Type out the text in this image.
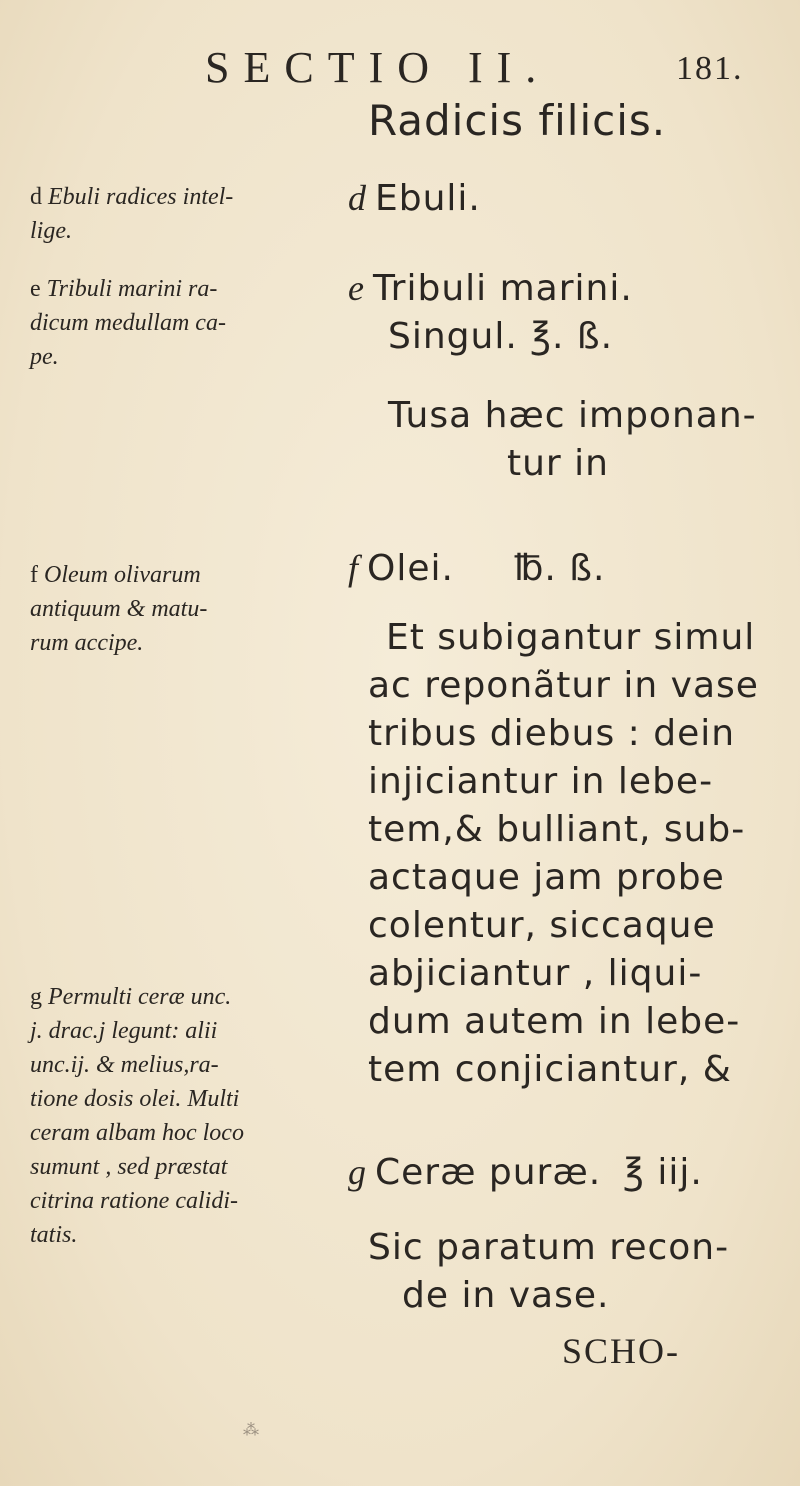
SECTIO II.	181.
Radicis filicis.
d Ebuli radices intel-
lige.
e Tribuli marini ra-
dicum medullam ca-
pe.
f Oleum olivarum
antiquum & matu-
rum accipe.
g Permulti ceræ unc.
j. drac.j legunt: alii
unc.ij. & melius,ra-
tione dosis olei. Multi
ceram albam hoc loco
sumunt , sed præstat
citrina ratione calidi-
tatis.
d Ebuli.
e Tribuli marini.
Singul. ℥. ß.
Tusa hæc imponan-
tur in
f Olei. ℔. ß.
Et subigantur simul
ac reponãtur in vase
tribus diebus : dein
injiciantur in lebe-
tem,& bulliant, sub-
actaque jam probe
colentur, siccaque
abjiciantur , liqui-
dum autem in lebe-
tem conjiciantur, &
g Ceræ puræ. ℥ iij.
Sic paratum recon-
de in vase.
SCHO-
⁂
